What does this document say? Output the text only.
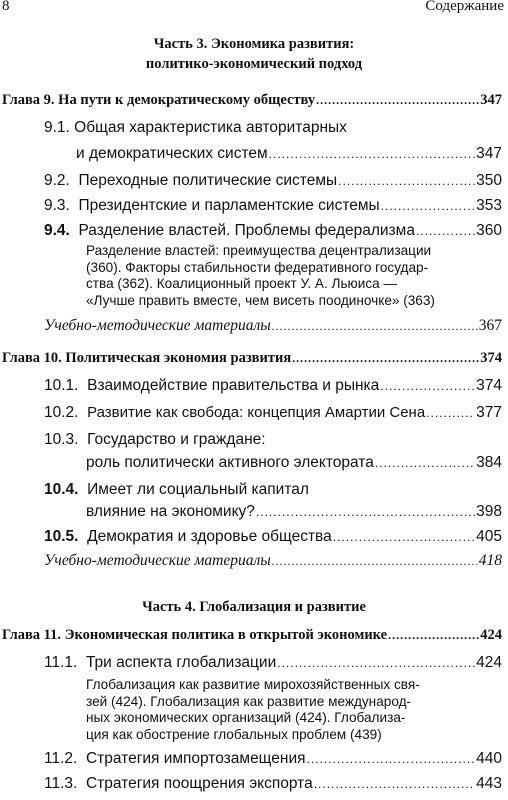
8	Содержание
Часть 3. Экономика развития:
политико-экономический подход
Глава 9. На пути к демократическому обществу .....	347
9.1. Общая характеристика авторитарных
и демократических систем .....	347
9.2. Переходные политические системы .....	350
9.3. Президентские и парламентские системы .....	353
9.4. Разделение властей. Проблемы федерализма .....	360
Разделение властей: преимущества децентрализации
(360). Факторы стабильности федеративного государ-
ства (362). Коалиционный проект У. А. Льюиса —
«Лучше править вместе, чем висеть поодиночке» (363)
Учебно-методические материалы .....	367
Глава 10. Политическая экономия развития .....	374
10.1. Взаимодействие правительства и рынка .....	374
10.2. Развитие как свобода: концепция Амартии Сена .....	377
10.3. Государство и граждане:
роль политически активного электората .....	384
10.4. Имеет ли социальный капитал
влияние на экономику? .....	398
10.5. Демократия и здоровье общества .....	405
Учебно-методические материалы .....	418
Часть 4. Глобализация и развитие
Глава 11. Экономическая политика в открытой экономике .....	424
11.1. Три аспекта глобализации .....	424
Глобализация как развитие мирохозяйственных свя-
зей (424). Глобализация как развитие международ-
ных экономических организаций (424). Глобализа-
ция как обострение глобальных проблем (439)
11.2. Стратегия импортозамещения .....	440
11.3. Стратегия поощрения экспорта .....	443
